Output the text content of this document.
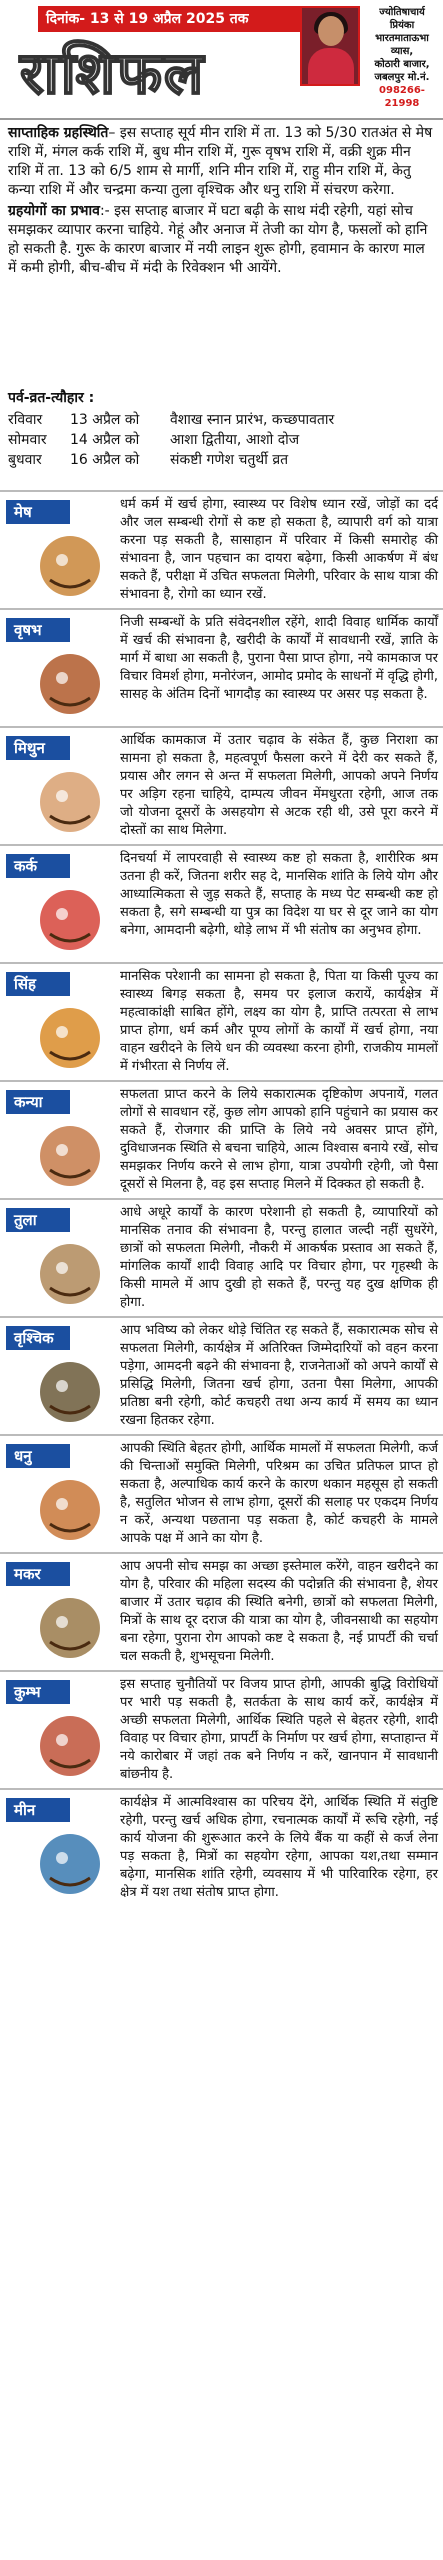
दिनांक- 13 से 19 अप्रैल 2025 तक
राशिफल
ज्योतिषाचार्य प्रियंका
भारतमाताऊभा
व्यास,
कोठारी बाजार,
जबलपुर मो.नं.
098266-21998

साप्ताहिक ग्रहस्थिति– इस सप्ताह सूर्य मीन राशि में ता. 13 को 5/30 रातअंत से मेष राशि में, मंगल कर्क राशि में, बुध मीन राशि में, गुरू वृषभ राशि में, वक्री शुक्र मीन राशि में ता. 13 को 6/5 शाम से मार्गी, शनि मीन राशि में, राहु मीन राशि में, केतु कन्या राशि में और चन्द्रमा कन्या तुला वृश्चिक और धनु राशि में संचरण करेगा.

ग्रहयोगों का प्रभाव:- इस सप्ताह बाजार में घटा बढ़ी के साथ मंदी रहेगी, यहां सोच समझकर व्यापार करना चाहिये. गेहूं और अनाज में तेजी का योग है, फसलों को हानि हो सकती है. गुरू के कारण बाजार में नयी लाइन शुरू होगी, हवामान के कारण माल में कमी होगी, बीच-बीच में मंदी के रिवेक्शन भी आयेंगे.

पर्व-व्रत-त्यौहार :
रविवार	13 अप्रैल को	वैशाख स्नान प्रारंभ, कच्छपावतार
सोमवार	14 अप्रैल को	आशा द्वितीया, आशो दोज
बुधवार	16 अप्रैल को	संकष्टी गणेश चतुर्थी व्रत
मेष	धर्म कर्म में खर्च होगा, स्वास्थ्य पर विशेष ध्यान रखें, जोड़ों का दर्द और जल सम्बन्धी रोगों से कष्ट हो सकता है, व्यापारी वर्ग को यात्रा करना पड़ सकती है, सासाहान में परिवार में किसी समारोह की संभावना है, जान पहचान का दायरा बढ़ेगा, किसी आकर्षण में बंध सकते हैं, परीक्षा में उचित सफलता मिलेगी, परिवार के साथ यात्रा की संभावना है, रोगो का ध्यान रखें.
वृषभ	निजी सम्बन्धों के प्रति संवेदनशील रहेंगे, शादी विवाह धार्मिक कार्यों में खर्च की संभावना है, खरीदी के कार्यों में सावधानी रखें, ज्ञाति के मार्ग में बाधा आ सकती है, पुराना पैसा प्राप्त होगा, नये कामकाज पर विचार विमर्श होगा, मनोरंजन, आमोद प्रमोद के साधनों में वृद्धि होगी, सासह के अंतिम दिनों भागदौड़ का स्वास्थ्य पर असर पड़ सकता है.
मिथुन	आर्थिक कामकाज में उतार चढ़ाव के संकेत हैं, कुछ निराशा का सामना हो सकता है, महत्वपूर्ण फैसला करने में देरी कर सकते हैं, प्रयास और लगन से अन्त में सफलता मिलेगी, आपको अपने निर्णय पर अड़िग रहना चाहिये, दाम्पत्य जीवन मेंमधुरता रहेगी, आज तक जो योजना दूसरों के असहयोग से अटक रही थी, उसे पूरा करने में दोस्तों का साथ मिलेगा.
कर्क	दिनचर्या में लापरवाही से स्वास्थ्य कष्ट हो सकता है, शारीरिक श्रम उतना ही करें, जितना शरीर सह दे, मानसिक शांति के लिये योग और आध्यात्मिकता से जुड़ सकते हैं, सप्ताह के मध्य पेट सम्बन्धी कष्ट हो सकता है, सगे सम्बन्धी या पुत्र का विदेश या घर से दूर जाने का योग बनेगा, आमदानी बढ़ेगी, थोड़े लाभ में भी संतोष का अनुभव होगा.
सिंह	मानसिक परेशानी का सामना हो सकता है, पिता या किसी पूज्य का स्वास्थ्य बिगड़ सकता है, समय पर इलाज करायें, कार्यक्षेत्र में महत्वाकांक्षी साबित होंगे, लक्ष्य का योग है, प्राप्ति तत्परता से लाभ प्राप्त होगा, धर्म कर्म और पूण्य लोगों के कार्यों में खर्च होगा, नया वाहन खरीदने के लिये धन की व्यवस्था करना होगी, राजकीय मामलों में गंभीरता से निर्णय लें.
कन्या	सफलता प्राप्त करने के लिये सकारात्मक दृष्टिकोण अपनायें, गलत लोगों से सावधान रहें, कुछ लोग आपको हानि पहुंचाने का प्रयास कर सकते हैं, रोजगार की प्राप्ति के लिये नये अवसर प्राप्त होंगे, दुविधाजनक स्थिति से बचना चाहिये, आत्म विश्वास बनाये रखें, सोच समझकर निर्णय करने से लाभ होगा, यात्रा उपयोगी रहेगी, जो पैसा दूसरों से मिलना है, वह इस सप्ताह मिलने में दिक्कत हो सकती है.
तुला	आधे अधूरे कार्यों के कारण परेशानी हो सकती है, व्यापारियों को मानसिक तनाव की संभावना है, परन्तु हालात जल्दी नहीं सुधरेंगे, छात्रों को सफलता मिलेगी, नौकरी में आकर्षक प्रस्ताव आ सकते हैं, मांगलिक कार्यों शादी विवाह आदि पर विचार होगा, पर गृहस्थी के किसी मामले में आप दुखी हो सकते हैं, परन्तु यह दुख क्षणिक ही होगा.
वृश्चिक	आप भविष्य को लेकर थोड़े चिंतित रह सकते हैं, सकारात्मक सोच से सफलता मिलेगी, कार्यक्षेत्र में अतिरिक्त जिम्मेदारियों को वहन करना पड़ेगा, आमदनी बढ़ने की संभावना है, राजनेताओं को अपने कार्यों से प्रसिद्धि मिलेगी, जितना खर्च होगा, उतना पैसा मिलेगा, आपकी प्रतिष्ठा बनी रहेगी, कोर्ट कचहरी तथा अन्य कार्य में समय का ध्यान रखना हितकर रहेगा.
धनु	आपकी स्थिति बेहतर होगी, आर्थिक मामलों में सफलता मिलेगी, कर्ज की चिन्ताओं समुक्ति मिलेगी, परिश्रम का उचित प्रतिफल प्राप्त हो सकता है, अल्पाधिक कार्य करने के कारण थकान महसूस हो सकती है, सतुलित भोजन से लाभ होगा, दूसरों की सलाह पर एकदम निर्णय न करें, अन्यथा पछताना पड़ सकता है, कोर्ट कचहरी के मामले आपके पक्ष में आने का योग है.
मकर	आप अपनी सोच समझ का अच्छा इस्तेमाल करेंगे, वाहन खरीदने का योग है, परिवार की महिला सदस्य की पदोन्नति की संभावना है, शेयर बाजार में उतार चढ़ाव की स्थिति बनेगी, छात्रों को सफलता मिलेगी, मित्रों के साथ दूर दराज की यात्रा का योग है, जीवनसाथी का सहयोग बना रहेगा, पुराना रोग आपको कष्ट दे सकता है, नई प्रापर्टी की चर्चा चल सकती है, शुभसूचना मिलेगी.
कुम्भ	इस सप्ताह चुनौतियों पर विजय प्राप्त होगी, आपकी बुद्धि विरोधियों पर भारी पड़ सकती है, सतर्कता के साथ कार्य करें, कार्यक्षेत्र में अच्छी सफलता मिलेगी, आर्थिक स्थिति पहले से बेहतर रहेगी, शादी विवाह पर विचार होगा, प्रापर्टी के निर्माण पर खर्च होगा, सप्ताहान्त में नये कारोबार में जहां तक बने निर्णय न करें, खानपान में सावधानी बांछनीय है.
मीन	कार्यक्षेत्र में आत्मविश्वास का परिचय देंगे, आर्थिक स्थिति में संतुष्टि रहेगी, परन्तु खर्च अधिक होगा, रचनात्मक कार्यों में रूचि रहेगी, नई कार्य योजना की शुरूआत करने के लिये बैंक या कहीं से कर्ज लेना पड़ सकता है, मित्रों का सहयोग रहेगा, आपका यश,तथा सम्मान बढ़ेगा, मानसिक शांति रहेगी, व्यवसाय में भी पारिवारिक रहेगा, हर क्षेत्र में यश तथा संतोष प्राप्त होगा.
